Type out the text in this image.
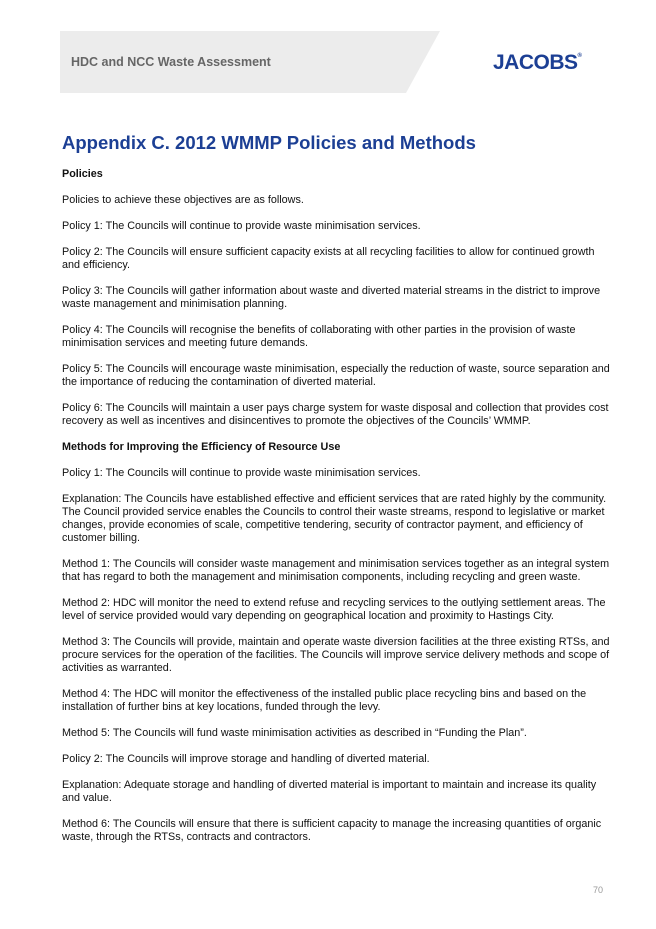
HDC and NCC Waste Assessment	JACOBS®
Appendix C. 2012 WMMP Policies and Methods
Policies
Policies to achieve these objectives are as follows.
Policy 1: The Councils will continue to provide waste minimisation services.
Policy 2: The Councils will ensure sufficient capacity exists at all recycling facilities to allow for continued growth and efficiency.
Policy 3: The Councils will gather information about waste and diverted material streams in the district to improve waste management and minimisation planning.
Policy 4: The Councils will recognise the benefits of collaborating with other parties in the provision of waste minimisation services and meeting future demands.
Policy 5: The Councils will encourage waste minimisation, especially the reduction of waste, source separation and the importance of reducing the contamination of diverted material.
Policy 6: The Councils will maintain a user pays charge system for waste disposal and collection that provides cost recovery as well as incentives and disincentives to promote the objectives of the Councils’ WMMP.
Methods for Improving the Efficiency of Resource Use
Policy 1: The Councils will continue to provide waste minimisation services.
Explanation: The Councils have established effective and efficient services that are rated highly by the community. The Council provided service enables the Councils to control their waste streams, respond to legislative or market changes, provide economies of scale, competitive tendering, security of contractor payment, and efficiency of customer billing.
Method 1: The Councils will consider waste management and minimisation services together as an integral system that has regard to both the management and minimisation components, including recycling and green waste.
Method 2: HDC will monitor the need to extend refuse and recycling services to the outlying settlement areas. The level of service provided would vary depending on geographical location and proximity to Hastings City.
Method 3: The Councils will provide, maintain and operate waste diversion facilities at the three existing RTSs, and procure services for the operation of the facilities. The Councils will improve service delivery methods and scope of activities as warranted.
Method 4: The HDC will monitor the effectiveness of the installed public place recycling bins and based on the installation of further bins at key locations, funded through the levy.
Method 5: The Councils will fund waste minimisation activities as described in “Funding the Plan”.
Policy 2: The Councils will improve storage and handling of diverted material.
Explanation: Adequate storage and handling of diverted material is important to maintain and increase its quality and value.
Method 6: The Councils will ensure that there is sufficient capacity to manage the increasing quantities of organic waste, through the RTSs, contracts and contractors.
70
